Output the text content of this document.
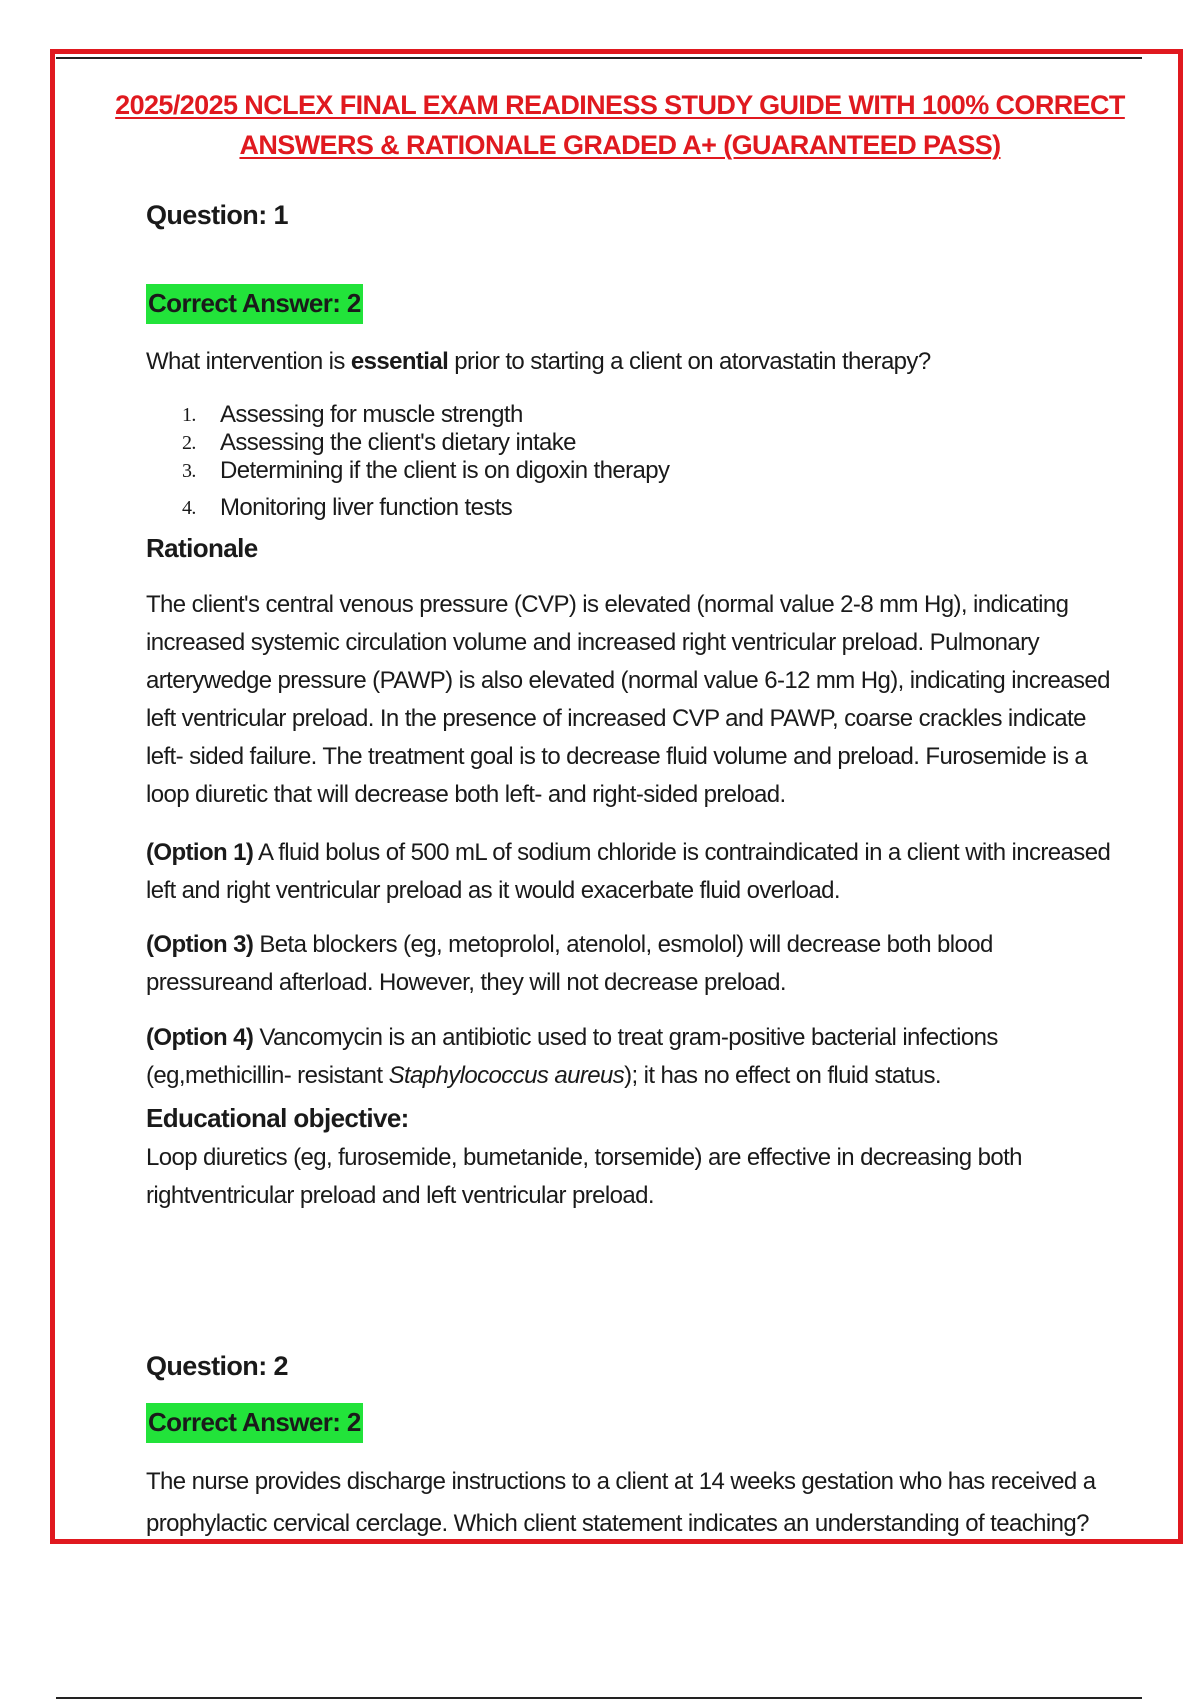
2025/2025 NCLEX FINAL EXAM READINESS STUDY GUIDE WITH 100% CORRECT ANSWERS & RATIONALE GRADED A+ (GUARANTEED PASS)
Question: 1
Correct Answer: 2
What intervention is essential prior to starting a client on atorvastatin therapy?
1. Assessing for muscle strength
2. Assessing the client's dietary intake
3. Determining if the client is on digoxin therapy
4. Monitoring liver function tests
Rationale
The client's central venous pressure (CVP) is elevated (normal value 2-8 mm Hg), indicating increased systemic circulation volume and increased right ventricular preload. Pulmonary arterywedge pressure (PAWP) is also elevated (normal value 6-12 mm Hg), indicating increased left ventricular preload. In the presence of increased CVP and PAWP, coarse crackles indicate left- sided failure. The treatment goal is to decrease fluid volume and preload. Furosemide is a loop diuretic that will decrease both left- and right-sided preload.
(Option 1) A fluid bolus of 500 mL of sodium chloride is contraindicated in a client with increased left and right ventricular preload as it would exacerbate fluid overload.
(Option 3) Beta blockers (eg, metoprolol, atenolol, esmolol) will decrease both blood pressureand afterload. However, they will not decrease preload.
(Option 4) Vancomycin is an antibiotic used to treat gram-positive bacterial infections (eg,methicillin- resistant Staphylococcus aureus); it has no effect on fluid status.
Educational objective:
Loop diuretics (eg, furosemide, bumetanide, torsemide) are effective in decreasing both rightventricular preload and left ventricular preload.
Question: 2
Correct Answer: 2
The nurse provides discharge instructions to a client at 14 weeks gestation who has received a prophylactic cervical cerclage. Which client statement indicates an understanding of teaching?
